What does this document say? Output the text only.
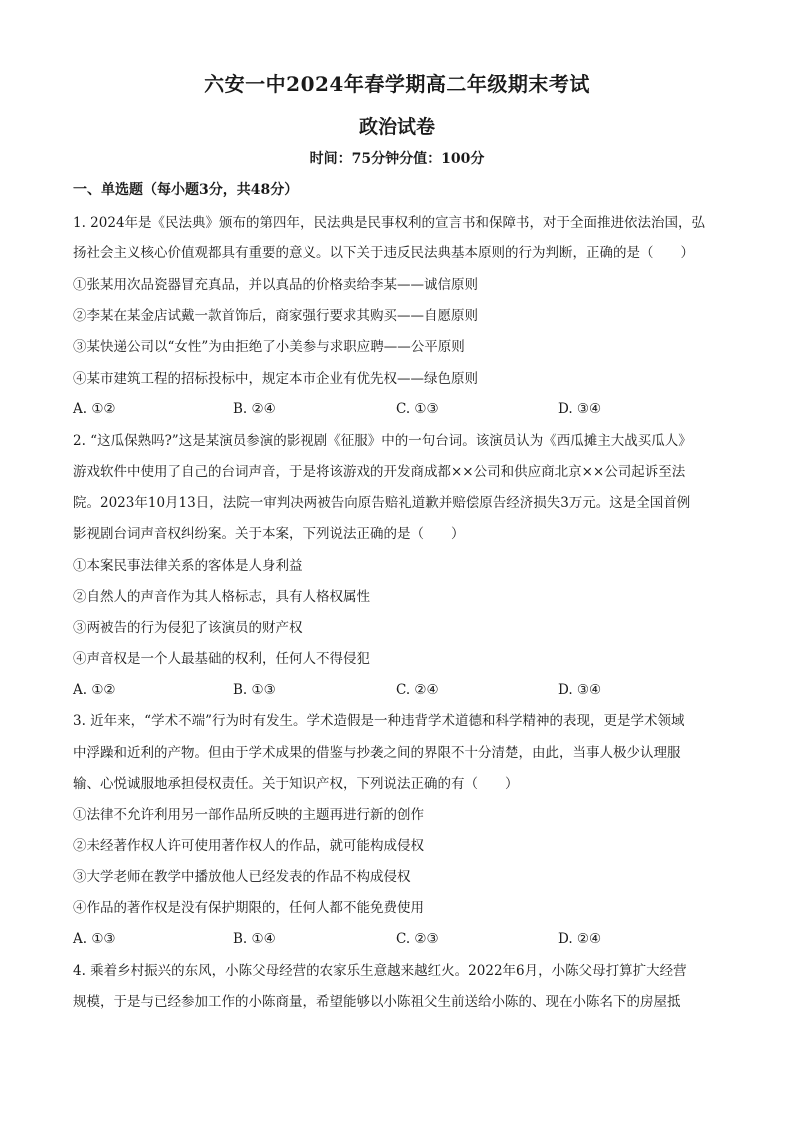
六安一中2024年春学期高二年级期末考试
政治试卷
时间：75分钟分值：100分
一、单选题（每小题3分，共48分）
1. 2024年是《民法典》颁布的第四年，民法典是民事权利的宣言书和保障书，对于全面推进依法治国，弘
扬社会主义核心价值观都具有重要的意义。以下关于违反民法典基本原则的行为判断，正确的是（　　）
①张某用次品瓷器冒充真品，并以真品的价格卖给李某——诚信原则
②李某在某金店试戴一款首饰后，商家强行要求其购买——自愿原则
③某快递公司以“女性”为由拒绝了小美参与求职应聘——公平原则
④某市建筑工程的招标投标中，规定本市企业有优先权——绿色原则
A. ①②	B. ②④	C. ①③	D. ③④
2. “这瓜保熟吗?”这是某演员参演的影视剧《征服》中的一句台词。该演员认为《西瓜摊主大战买瓜人》
游戏软件中使用了自己的台词声音，于是将该游戏的开发商成都××公司和供应商北京××公司起诉至法
院。2023年10月13日，法院一审判决两被告向原告赔礼道歉并赔偿原告经济损失3万元。这是全国首例
影视剧台词声音权纠纷案。关于本案，下列说法正确的是（　　）
①本案民事法律关系的客体是人身利益
②自然人的声音作为其人格标志，具有人格权属性
③两被告的行为侵犯了该演员的财产权
④声音权是一个人最基础的权利，任何人不得侵犯
A. ①②	B. ①③	C. ②④	D. ③④
3. 近年来，“学术不端”行为时有发生。学术造假是一种违背学术道德和科学精神的表现，更是学术领域
中浮躁和近利的产物。但由于学术成果的借鉴与抄袭之间的界限不十分清楚，由此，当事人极少认理服
输、心悦诚服地承担侵权责任。关于知识产权，下列说法正确的有（　　）
①法律不允许利用另一部作品所反映的主题再进行新的创作
②未经著作权人许可使用著作权人的作品，就可能构成侵权
③大学老师在教学中播放他人已经发表的作品不构成侵权
④作品的著作权是没有保护期限的，任何人都不能免费使用
A. ①③	B. ①④	C. ②③	D. ②④
4. 乘着乡村振兴的东风，小陈父母经营的农家乐生意越来越红火。2022年6月，小陈父母打算扩大经营
规模，于是与已经参加工作的小陈商量，希望能够以小陈祖父生前送给小陈的、现在小陈名下的房屋抵
